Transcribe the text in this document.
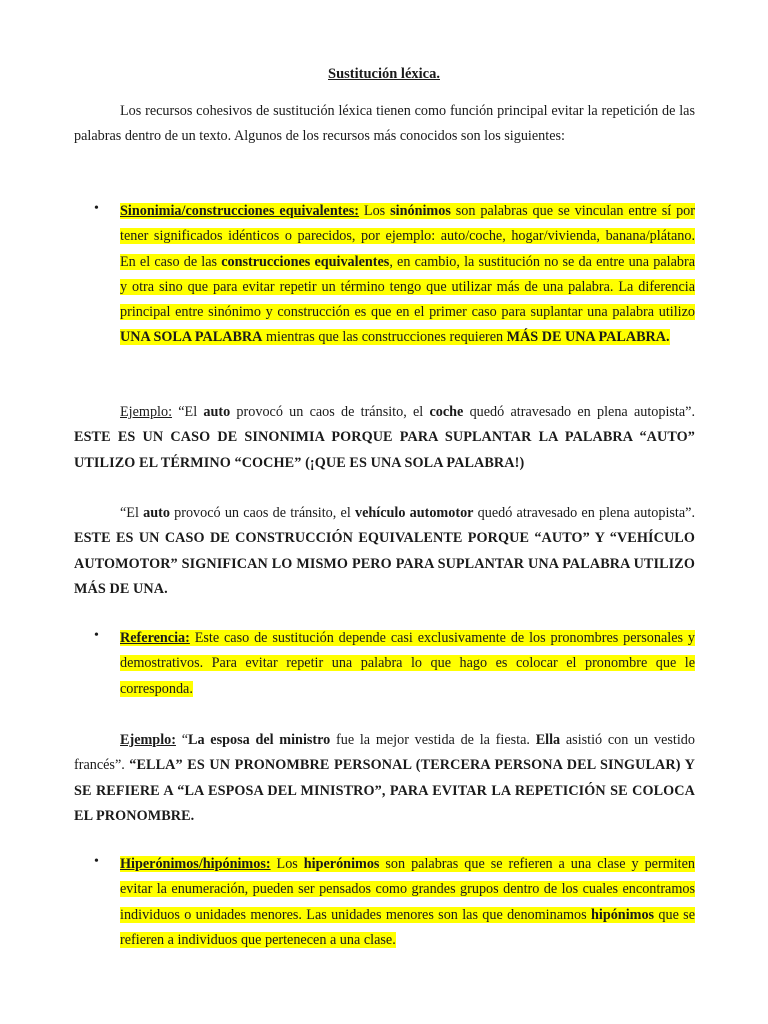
Sustitución léxica.

Los recursos cohesivos de sustitución léxica tienen como función principal evitar la repetición de las palabras dentro de un texto. Algunos de los recursos más conocidos son los siguientes:

• Sinonimia/construcciones equivalentes: Los sinónimos son palabras que se vinculan entre sí por tener significados idénticos o parecidos, por ejemplo: auto/coche, hogar/vivienda, banana/plátano. En el caso de las construcciones equivalentes, en cambio, la sustitución no se da entre una palabra y otra sino que para evitar repetir un término tengo que utilizar más de una palabra. La diferencia principal entre sinónimo y construcción es que en el primer caso para suplantar una palabra utilizo UNA SOLA PALABRA mientras que las construcciones requieren MÁS DE UNA PALABRA.

Ejemplo: “El auto provocó un caos de tránsito, el coche quedó atravesado en plena autopista”. ESTE ES UN CASO DE SINONIMIA PORQUE PARA SUPLANTAR LA PALABRA “AUTO” UTILIZO EL TÉRMINO “COCHE” (¡QUE ES UNA SOLA PALABRA!)

“El auto provocó un caos de tránsito, el vehículo automotor quedó atravesado en plena autopista”. ESTE ES UN CASO DE CONSTRUCCIÓN EQUIVALENTE PORQUE “AUTO” Y “VEHÍCULO AUTOMOTOR” SIGNIFICAN LO MISMO PERO PARA SUPLANTAR UNA PALABRA UTILIZO MÁS DE UNA.

• Referencia: Este caso de sustitución depende casi exclusivamente de los pronombres personales y demostrativos. Para evitar repetir una palabra lo que hago es colocar el pronombre que le corresponda.

Ejemplo: “La esposa del ministro fue la mejor vestida de la fiesta. Ella asistió con un vestido francés”. “ELLA” ES UN PRONOMBRE PERSONAL (TERCERA PERSONA DEL SINGULAR) Y SE REFIERE A “LA ESPOSA DEL MINISTRO”, PARA EVITAR LA REPETICIÓN SE COLOCA EL PRONOMBRE.

• Hiperónimos/hipónimos: Los hiperónimos son palabras que se refieren a una clase y permiten evitar la enumeración, pueden ser pensados como grandes grupos dentro de los cuales encontramos individuos o unidades menores. Las unidades menores son las que denominamos hipónimos que se refieren a individuos que pertenecen a una clase.
